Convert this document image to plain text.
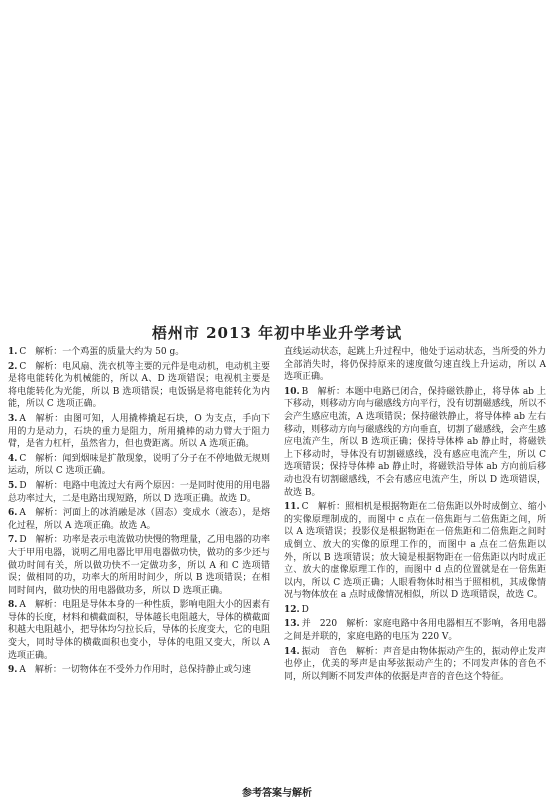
梧州市 2013 年初中毕业升学考试
1. C　解析：一个鸡蛋的质量大约为 50 g。
2. C　解析：电风扇、洗衣机等主要的元件是电动机，电动机主要是将电能转化为机械能的，所以 A、D 选项错误；电视机主要是将电能转化为光能，所以 B 选项错误；电饭锅是将电能转化为内能，所以 C 选项正确。
3. A　解析：由图可知，人用撬棒撬起石块，O 为支点，手向下用的力是动力，石块的重力是阻力，所用撬棒的动力臂大于阻力臂，是省力杠杆，虽然省力，但也费距离。所以 A 选项正确。
4. C　解析：闻到烟味是扩散现象，说明了分子在不停地做无规则运动，所以 C 选项正确。
5. D　解析：电路中电流过大有两个原因：一是同时使用的用电器总功率过大，二是电路出现短路，所以 D 选项正确。故选 D。
6. A　解析：河面上的冰消融是冰（固态）变成水（液态），是熔化过程，所以 A 选项正确。故选 A。
7. D　解析：功率是表示电流做功快慢的物理量，乙用电器的功率大于甲用电器，说明乙用电器比甲用电器做功快，做功的多少还与做功时间有关，所以做功快不一定做功多，所以 A 和 C 选项错误；做相同的功，功率大的所用时间少，所以 B 选项错误；在相同时间内，做功快的用电器做功多，所以 D 选项正确。
8. A　解析：电阻是导体本身的一种性质，影响电阻大小的因素有导体的长度，材料和横截面积，导体越长电阻越大，导体的横截面积越大电阻越小，把导体均匀拉长后，导体的长度变大，它的电阻变大，同时导体的横截面积也变小，导体的电阻又变大，所以 A 选项正确。
9. A　解析：一切物体在不受外力作用时，总保持静止或匀速
直线运动状态，起跳上升过程中，他处于运动状态，当所受的外力全部消失时，将仍保持原来的速度做匀速直线上升运动，所以 A 选项正确。
10. B　解析：本题中电路已闭合，保持磁铁静止，将导体 ab 上下移动，则移动方向与磁感线方向平行，没有切割磁感线，所以不会产生感应电流，A 选项错误；保持磁铁静止，将导体棒 ab 左右移动，则移动方向与磁感线的方向垂直，切割了磁感线，会产生感应电流产生，所以 B 选项正确；保持导体棒 ab 静止时，将磁铁上下移动时，导体没有切割磁感线，没有感应电流产生，所以 C 选项错误；保持导体棒 ab 静止时，将磁铁沿导体 ab 方向前后移动也没有切割磁感线，不会有感应电流产生，所以 D 选项错误，故选 B。
11. C　解析：照相机是根据物距在二倍焦距以外时成倒立、缩小的实像原理制成的，而图中 c 点在一倍焦距与二倍焦距之间，所以 A 选项错误；投影仪是根据物距在一倍焦距和二倍焦距之间时成倒立、放大的实像的原理工作的，而图中 a 点在二倍焦距以外，所以 B 选项错误；放大镜是根据物距在一倍焦距以内时成正立、放大的虚像原理工作的，而图中 d 点的位置就是在一倍焦距以内，所以 C 选项正确；人眼看物体时相当于照相机，其成像情况与物体放在 a 点时成像情况相似，所以 D 选项错误，故选 C。
12. D
13. 并　220　解析：家庭电路中各用电器相互不影响，各用电器之间是并联的，家庭电路的电压为 220 V。
14. 振动　音色　解析：声音是由物体振动产生的，振动停止发声也停止，优美的琴声是由琴弦振动产生的；不同发声体的音色不同，所以判断不同发声体的依据是声音的音色这个特征。
参考答案与解析
